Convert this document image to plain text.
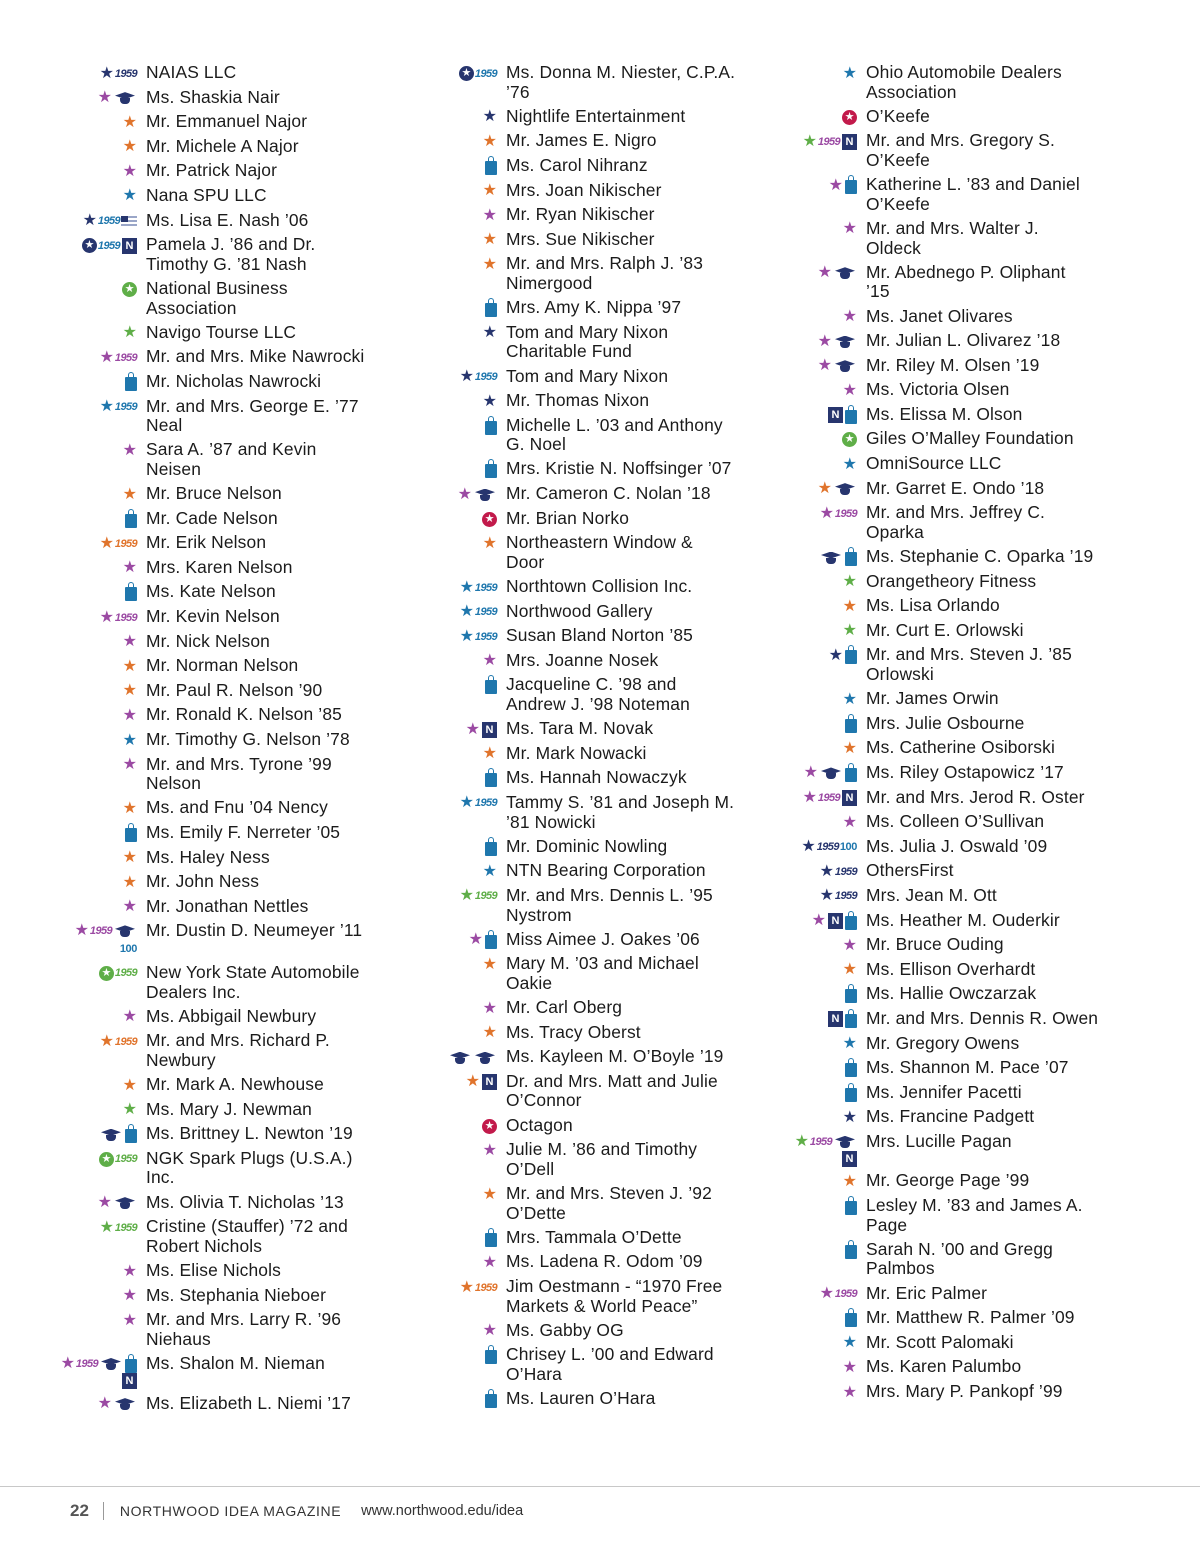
★ 1959 NAIAS LLC
★ Ms. Shaskia Nair
★ Mr. Emmanuel Najor
★ Mr. Michele A Najor
★ Mr. Patrick Najor
★ Nana SPU LLC
★ 1959 Ms. Lisa E. Nash ’06
★ 1959 N Pamela J. ’86 and Dr.
Timothy G. ’81 Nash
★ National Business
Association
★ Navigo Tourse LLC
★ 1959 Mr. and Mrs. Mike Nawrocki
Mr. Nicholas Nawrocki
★ 1959 Mr. and Mrs. George E. ’77
Neal
★ Sara A. ’87 and Kevin
Neisen
★ Mr. Bruce Nelson
Mr. Cade Nelson
★ 1959 Mr. Erik Nelson
★ Mrs. Karen Nelson
Ms. Kate Nelson
★ 1959 Mr. Kevin Nelson
★ Mr. Nick Nelson
★ Mr. Norman Nelson
★ Mr. Paul R. Nelson ’90
★ Mr. Ronald K. Nelson ’85
★ Mr. Timothy G. Nelson ’78
★ Mr. and Mrs. Tyrone ’99
Nelson
★ Ms. and Fnu ’04 Nency
Ms. Emily F. Nerreter ’05
★ Ms. Haley Ness
★ Mr. John Ness
★ Mr. Jonathan Nettles
★ 1959
100
Mr. Dustin D. Neumeyer ’11

★ 1959 New York State Automobile
Dealers Inc.
★ Ms. Abbigail Newbury
★ 1959 Mr. and Mrs. Richard P.
Newbury
★ Mr. Mark A. Newhouse
★ Ms. Mary J. Newman
Ms. Brittney L. Newton ’19
★ 1959 NGK Spark Plugs (U.S.A.)
Inc.
★ Ms. Olivia T. Nicholas ’13
★ 1959 Cristine (Stauffer) ’72 and
Robert Nichols
★ Ms. Elise Nichols
★ Ms. Stephania Nieboer
★ Mr. and Mrs. Larry R. ’96
Niehaus
★ 1959
N
Ms. Shalon M. Nieman

★ Ms. Elizabeth L. Niemi ’17
★ 1959 Ms. Donna M. Niester, C.P.A.
’76
★ Nightlife Entertainment
★ Mr. James E. Nigro
Ms. Carol Nihranz
★ Mrs. Joan Nikischer
★ Mr. Ryan Nikischer
★ Mrs. Sue Nikischer
★ Mr. and Mrs. Ralph J. ’83
Nimergood
Mrs. Amy K. Nippa ’97
★ Tom and Mary Nixon
Charitable Fund
★ 1959 Tom and Mary Nixon
★ Mr. Thomas Nixon
Michelle L. ’03 and Anthony
G. Noel
Mrs. Kristie N. Noffsinger ’07
★ Mr. Cameron C. Nolan ’18
★ Mr. Brian Norko
★ Northeastern Window &
Door
★ 1959 Northtown Collision Inc.
★ 1959 Northwood Gallery
★ 1959 Susan Bland Norton ’85
★ Mrs. Joanne Nosek
Jacqueline C. ’98 and
Andrew J. ’98 Noteman
★ N Ms. Tara M. Novak
★ Mr. Mark Nowacki
Ms. Hannah Nowaczyk
★ 1959 Tammy S. ’81 and Joseph M.
’81 Nowicki
Mr. Dominic Nowling
★ NTN Bearing Corporation
★ 1959 Mr. and Mrs. Dennis L. ’95
Nystrom
★ Miss Aimee J. Oakes ’06
★ Mary M. ’03 and Michael
Oakie
★ Mr. Carl Oberg
★ Ms. Tracy Oberst
Ms. Kayleen M. O’Boyle ’19
★ N Dr. and Mrs. Matt and Julie
O’Connor
★ Octagon
★ Julie M. ’86 and Timothy
O’Dell
★ Mr. and Mrs. Steven J. ’92
O’Dette
Mrs. Tammala O’Dette
★ Ms. Ladena R. Odom ’09
★ 1959 Jim Oestmann - “1970 Free
Markets & World Peace”
★ Ms. Gabby OG
Chrisey L. ’00 and Edward
O’Hara
Ms. Lauren O’Hara
★ Ohio Automobile Dealers
Association
★ O’Keefe
★ 1959 N Mr. and Mrs. Gregory S.
O’Keefe
★ Katherine L. ’83 and Daniel
O’Keefe
★ Mr. and Mrs. Walter J.
Oldeck
★ Mr. Abednego P. Oliphant
’15
★ Ms. Janet Olivares
★ Mr. Julian L. Olivarez ’18
★ Mr. Riley M. Olsen ’19
★ Ms. Victoria Olsen
N Ms. Elissa M. Olson
★ Giles O’Malley Foundation
★ OmniSource LLC
★ Mr. Garret E. Ondo ’18
★ 1959 Mr. and Mrs. Jeffrey C.
Oparka
Ms. Stephanie C. Oparka ’19
★ Orangetheory Fitness
★ Ms. Lisa Orlando
★ Mr. Curt E. Orlowski
★ Mr. and Mrs. Steven J. ’85
Orlowski
★ Mr. James Orwin
Mrs. Julie Osbourne
★ Ms. Catherine Osiborski
★	Ms. Riley Ostapowicz ’17
★ 1959 N Mr. and Mrs. Jerod R. Oster
★ Ms. Colleen O’Sullivan
★ 1959 100 Ms. Julia J. Oswald ’09
★ 1959 OthersFirst
★ 1959 Mrs. Jean M. Ott
★ N Ms. Heather M. Ouderkir
★ Mr. Bruce Ouding
★ Ms. Ellison Overhardt
Ms. Hallie Owczarzak
N Mr. and Mrs. Dennis R. Owen
★ Mr. Gregory Owens
Ms. Shannon M. Pace ’07
Ms. Jennifer Pacetti
★ Ms. Francine Padgett
★ 1959
N
Mrs. Lucille Pagan

★ Mr. George Page ’99
Lesley M. ’83 and James A.
Page
Sarah N. ’00 and Gregg
Palmbos
★ 1959 Mr. Eric Palmer
Mr. Matthew R. Palmer ’09
★ Mr. Scott Palomaki
★ Ms. Karen Palumbo
★ Mrs. Mary P. Pankopf ’99
22 NORTHWOOD IDEA MAGAZINE www.northwood.edu/idea
